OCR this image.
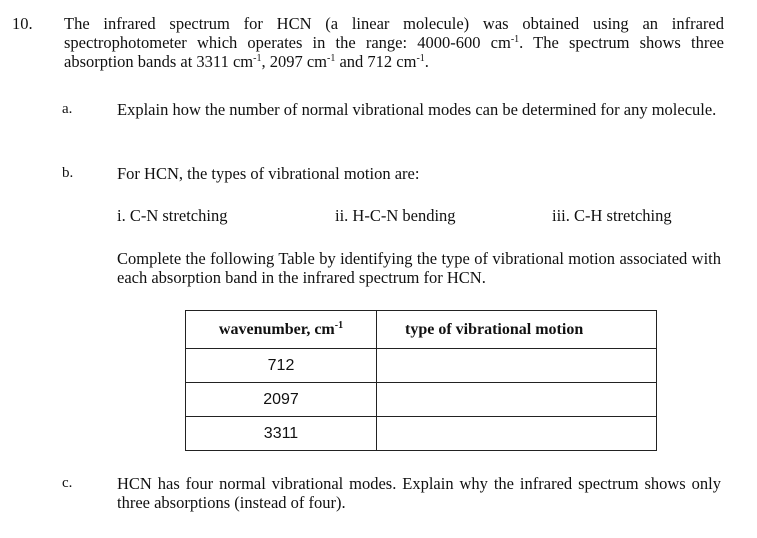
10. The infrared spectrum for HCN (a linear molecule) was obtained using an infrared spectrophotometer which operates in the range: 4000-600 $cm^{-1}$. The spectrum shows three absorption bands at 3311 $cm^{-1}$, 2097 $cm^{-1}$ and 712 $cm^{-1}$.
a.	Explain how the number of normal vibrational modes can be determined for any molecule.
b.	For HCN, the types of vibrational motion are:
i. C-N stretching	ii. H-C-N bending	iii. C-H stretching
Complete the following Table by identifying the type of vibrational motion associated with each absorption band in the infrared spectrum for HCN.
wavenumber, $cm^{-1}$	type of vibrational motion
712	
2097	
3311	
c.	HCN has four normal vibrational modes. Explain why the infrared spectrum shows only three absorptions (instead of four).
